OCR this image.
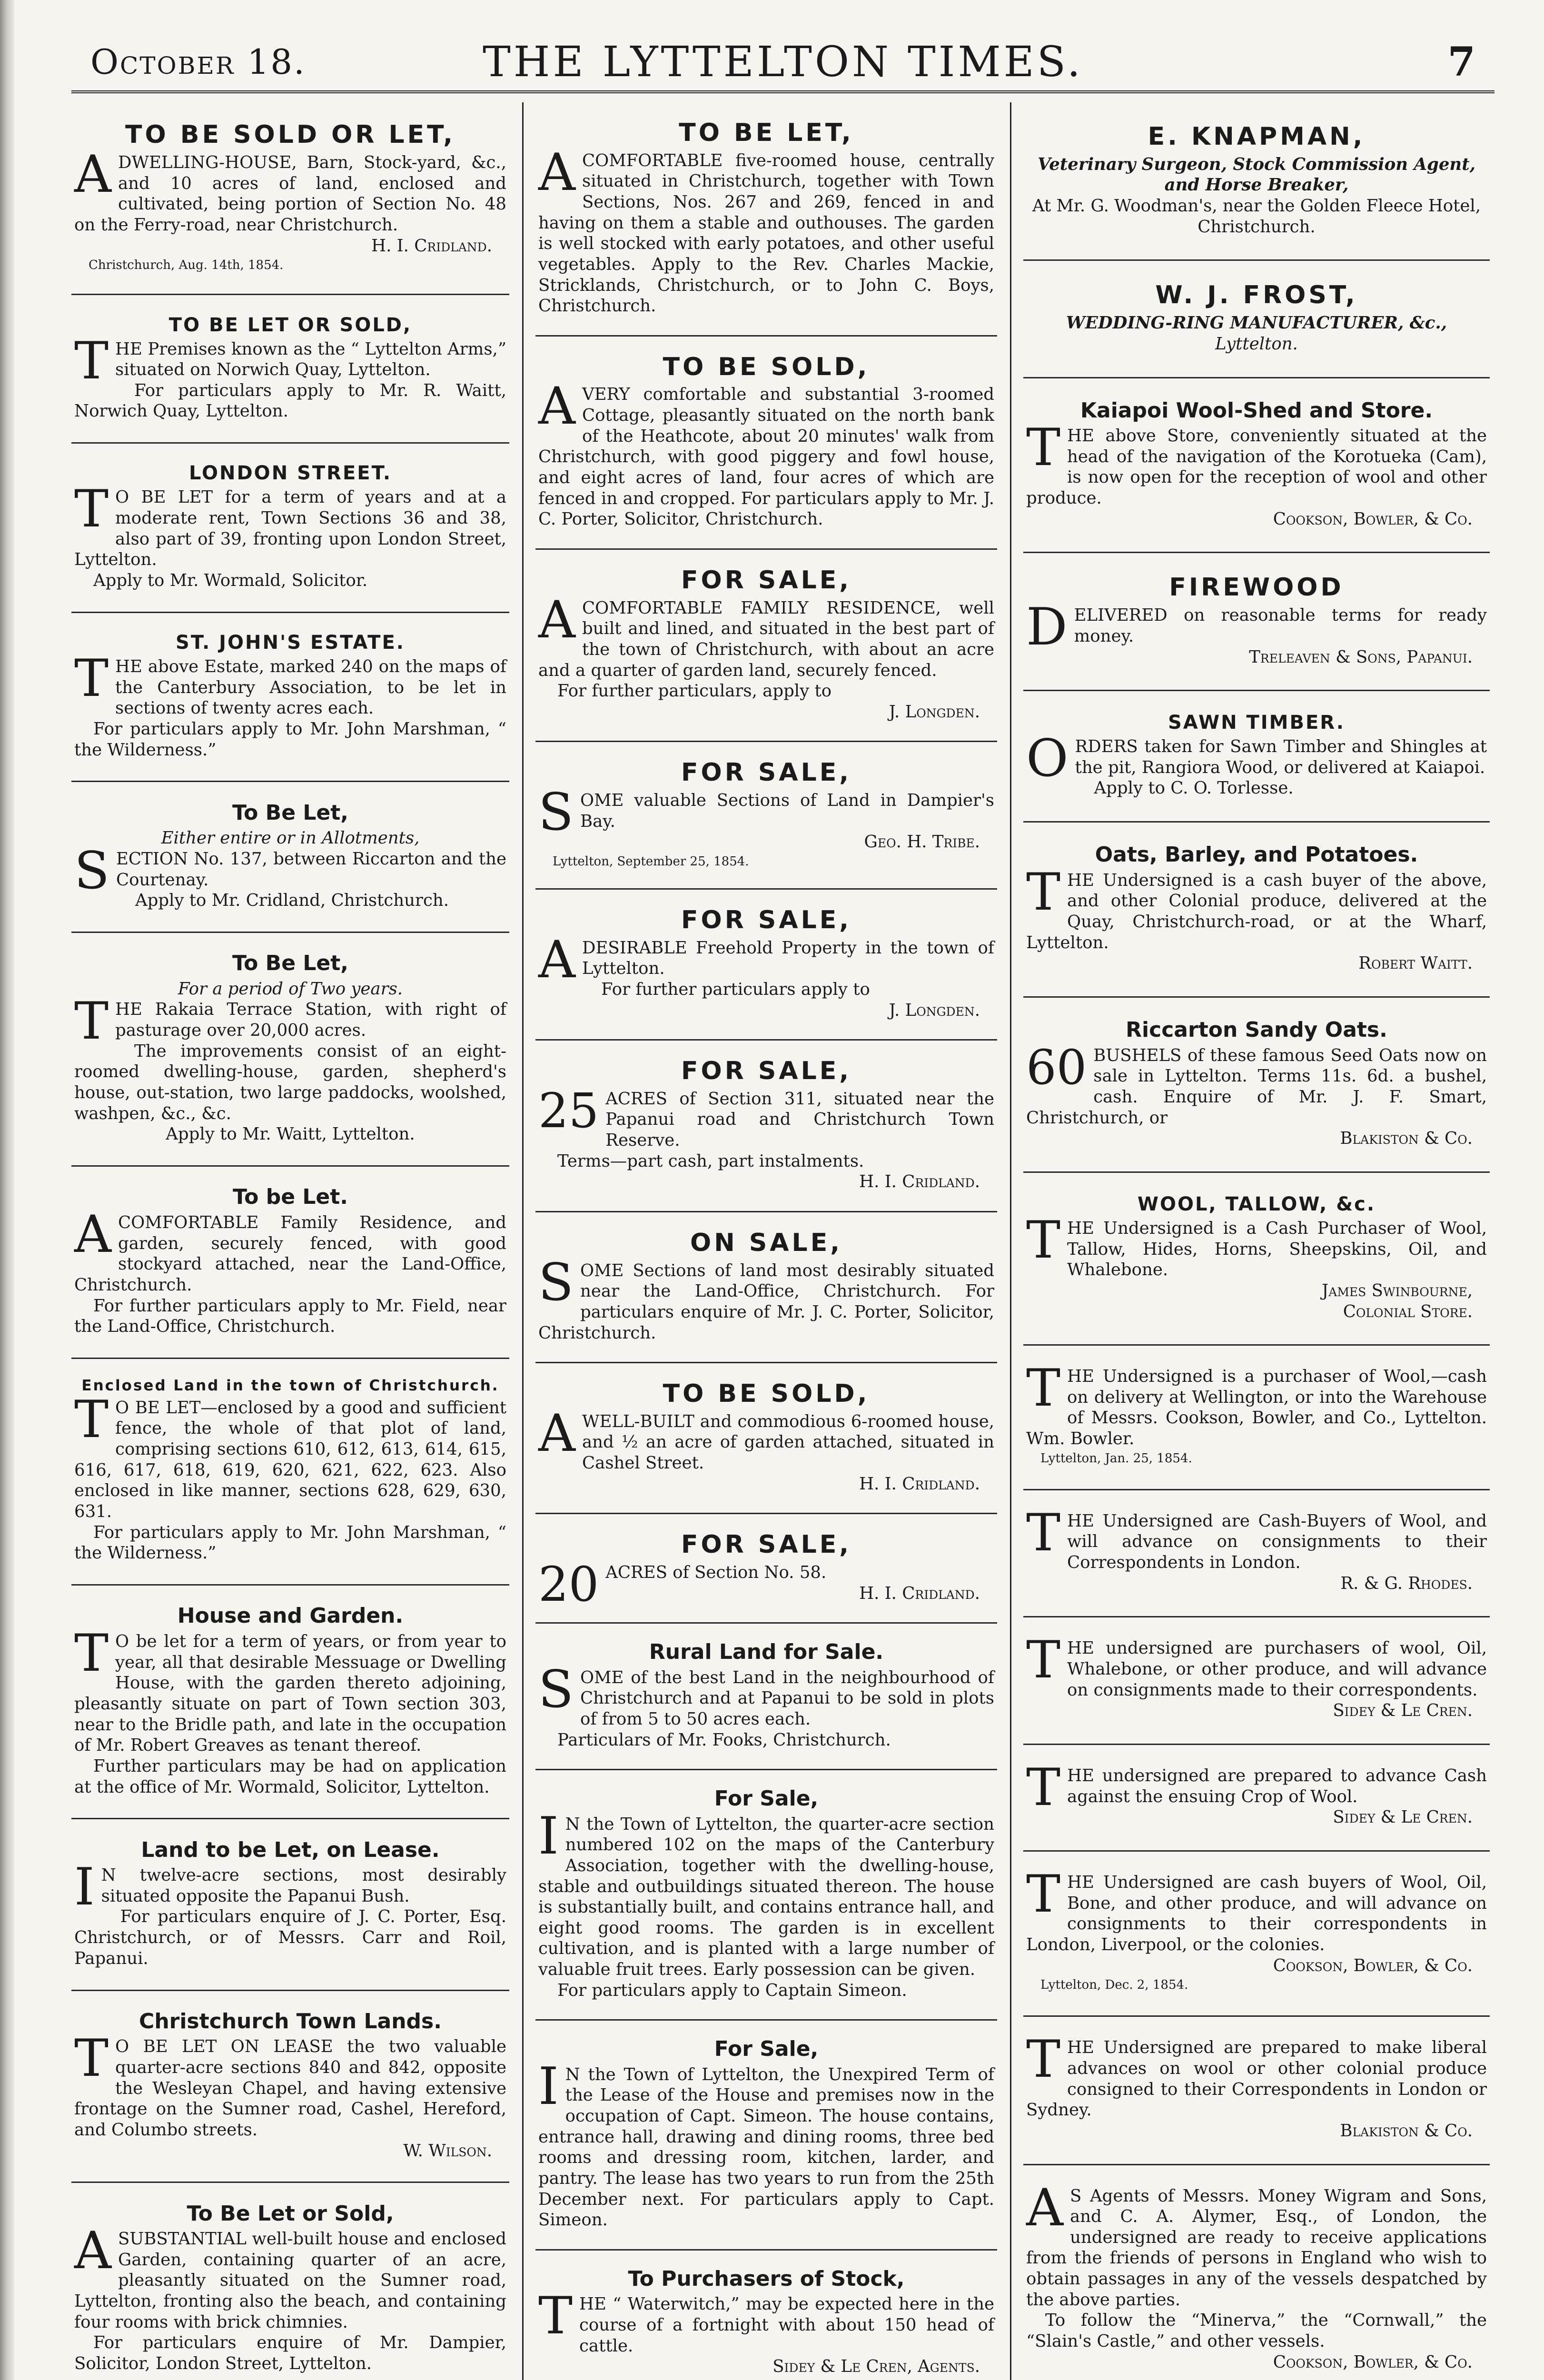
October 18.	THE LYTTELTON TIMES.	7
TO BE SOLD OR LET,

ADWELLING-HOUSE, Barn, Stock-yard, &c., and 10 acres of land, enclosed and cultivated, being portion of Section No. 48 on the Ferry-road, near Christchurch.

H. I. Cridland.

Christchurch, Aug. 14th, 1854.

TO BE LET OR SOLD,

THE Premises known as the “ Lyttelton Arms,” situated on Norwich Quay, Lyttelton.

For particulars apply to Mr. R. Waitt, Norwich Quay, Lyttelton.

LONDON STREET.

T O BE LET for a term of years and at a moderate rent, Town Sections 36 and 38, also part of 39, fronting upon London Street, Lyttelton.

Apply to Mr. Wormald, Solicitor.

ST. JOHN'S ESTATE.

THE above Estate, marked 240 on the maps of the Canterbury Association, to be let in sections of twenty acres each.

For particulars apply to Mr. John Marshman, “ the Wilderness.”

To Be Let,

Either entire or in Allotments,

SECTION No. 137, between Riccarton and the Courtenay.

Apply to Mr. Cridland, Christchurch.

To Be Let,

For a period of Two years.

THE Rakaia Terrace Station, with right of pasturage over 20,000 acres.

The improvements consist of an eight-roomed dwelling-house, garden, shepherd's house, out-station, two large paddocks, woolshed, washpen, &c., &c.

Apply to Mr. Waitt, Lyttelton.

To be Let.

ACOMFORTABLE Family Residence, and garden, securely fenced, with good stockyard attached, near the Land-Office, Christchurch.

For further particulars apply to Mr. Field, near the Land-Office, Christchurch.

Enclosed Land in the town of Christchurch.

T O BE LET—enclosed by a good and sufficient fence, the whole of that plot of land, comprising sections 610, 612, 613, 614, 615, 616, 617, 618, 619, 620, 621, 622, 623. Also enclosed in like manner, sections 628, 629, 630, 631.

For particulars apply to Mr. John Marshman, “ the Wilderness.”

House and Garden.

T O be let for a term of years, or from year to year, all that desirable Messuage or Dwelling House, with the garden thereto adjoining, pleasantly situate on part of Town section 303, near to the Bridle path, and late in the occupation of Mr. Robert Greaves as tenant thereof.

Further particulars may be had on application at the office of Mr. Wormald, Solicitor, Lyttelton.

Land to be Let, on Lease.

I N twelve-acre sections, most desirably situated opposite the Papanui Bush.

For particulars enquire of J. C. Porter, Esq. Christchurch, or of Messrs. Carr and Roil, Papanui.

Christchurch Town Lands.

T O BE LET ON LEASE the two valuable quarter-acre sections 840 and 842, opposite the Wesleyan Chapel, and having extensive frontage on the Sumner road, Cashel, Hereford, and Columbo streets.

W. Wilson.

To Be Let or Sold,

ASUBSTANTIAL well-built house and enclosed Garden, containing quarter of an acre, pleasantly situated on the Sumner road, Lyttelton, fronting also the beach, and containing four rooms with brick chimnies.

For particulars enquire of Mr. Dampier, Solicitor, London Street, Lyttelton.

TO BE LET,

ACOMFORTABLE five-roomed house, centrally situated in Christchurch, together with Town Sections, Nos. 267 and 269, fenced in and having on them a stable and outhouses. The garden is well stocked with early potatoes, and other useful vegetables. Apply to the Rev. Charles Mackie, Stricklands, Christchurch, or to John C. Boys, Christchurch.

TO BE SOLD,

AVERY comfortable and substantial 3-roomed Cottage, pleasantly situated on the north bank of the Heathcote, about 20 minutes' walk from Christchurch, with good piggery and fowl house, and eight acres of land, four acres of which are fenced in and cropped. For particulars apply to Mr. J. C. Porter, Solicitor, Christchurch.

FOR SALE,

ACOMFORTABLE FAMILY RESIDENCE, well built and lined, and situated in the best part of the town of Christchurch, with about an acre and a quarter of garden land, securely fenced.

For further particulars, apply to

J. Longden.

FOR SALE,

SOME valuable Sections of Land in Dampier's Bay.

Geo. H. Tribe.

Lyttelton, September 25, 1854.

FOR SALE,

ADESIRABLE Freehold Property in the town of Lyttelton.

For further particulars apply to

J. Longden.

FOR SALE,

25 ACRES of Section 311, situated near the Papanui road and Christchurch Town Reserve.

Terms—part cash, part instalments.

H. I. Cridland.

ON SALE,

SOME Sections of land most desirably situated near the Land-Office, Christchurch. For particulars enquire of Mr. J. C. Porter, Solicitor, Christchurch.

TO BE SOLD,

AWELL-BUILT and commodious 6-roomed house, and ½ an acre of garden attached, situated in Cashel Street.

H. I. Cridland.

FOR SALE,

20 ACRES of Section No. 58.

H. I. Cridland.

Rural Land for Sale.

SOME of the best Land in the neighbourhood of Christchurch and at Papanui to be sold in plots of from 5 to 50 acres each.

Particulars of Mr. Fooks, Christchurch.

For Sale,

I N the Town of Lyttelton, the quarter-acre section numbered 102 on the maps of the Canterbury Association, together with the dwelling-house, stable and outbuildings situated thereon. The house is substantially built, and contains entrance hall, and eight good rooms. The garden is in excellent cultivation, and is planted with a large number of valuable fruit trees. Early possession can be given.

For particulars apply to Captain Simeon.

For Sale,

I N the Town of Lyttelton, the Unexpired Term of the Lease of the House and premises now in the occupation of Capt. Simeon. The house contains, entrance hall, drawing and dining rooms, three bed rooms and dressing room, kitchen, larder, and pantry. The lease has two years to run from the 25th December next. For particulars apply to Capt. Simeon.

To Purchasers of Stock,

THE “ Waterwitch,” may be expected here in the course of a fortnight with about 150 head of cattle.

Sidey & Le Cren, Agents.

E. KNAPMAN,

Veterinary Surgeon, Stock Commission Agent, and Horse Breaker,

At Mr. G. Woodman's, near the Golden Fleece Hotel, Christchurch.

W. J. FROST,

WEDDING-RING MANUFACTURER, &c.,

Lyttelton.

Kaiapoi Wool-Shed and Store.

THE above Store, conveniently situated at the head of the navigation of the Korotueka (Cam), is now open for the reception of wool and other produce.

Cookson, Bowler, & Co.

FIREWOOD

DELIVERED on reasonable terms for ready money.

Treleaven & Sons, Papanui.

SAWN TIMBER.

ORDERS taken for Sawn Timber and Shingles at the pit, Rangiora Wood, or delivered at Kaiapoi.

Apply to C. O. Torlesse.

Oats, Barley, and Potatoes.

THE Undersigned is a cash buyer of the above, and other Colonial produce, delivered at the Quay, Christchurch-road, or at the Wharf, Lyttelton.

Robert Waitt.

Riccarton Sandy Oats.

60 BUSHELS of these famous Seed Oats now on sale in Lyttelton. Terms 11s. 6d. a bushel, cash. Enquire of Mr. J. F. Smart, Christchurch, or

Blakiston & Co.

WOOL, TALLOW, &c.

THE Undersigned is a Cash Purchaser of Wool, Tallow, Hides, Horns, Sheepskins, Oil, and Whalebone.

James Swinbourne,

Colonial Store.

THE Undersigned is a purchaser of Wool,—cash on delivery at Wellington, or into the Warehouse of Messrs. Cookson, Bowler, and Co., Lyttelton. Wm. Bowler.

Lyttelton, Jan. 25, 1854.

THE Undersigned are Cash-Buyers of Wool, and will advance on consignments to their Correspondents in London.

R. & G. Rhodes.

THE undersigned are purchasers of wool, Oil, Whalebone, or other produce, and will advance on consignments made to their correspondents.

Sidey & Le Cren.

THE undersigned are prepared to advance Cash against the ensuing Crop of Wool.

Sidey & Le Cren.

THE Undersigned are cash buyers of Wool, Oil, Bone, and other produce, and will advance on consignments to their correspondents in London, Liverpool, or the colonies.

Cookson, Bowler, & Co.

Lyttelton, Dec. 2, 1854.

THE Undersigned are prepared to make liberal advances on wool or other colonial produce consigned to their Correspondents in London or Sydney.

Blakiston & Co.

A S Agents of Messrs. Money Wigram and Sons, and C. A. Alymer, Esq., of London, the undersigned are ready to receive applications from the friends of persons in England who wish to obtain passages in any of the vessels despatched by the above parties.

To follow the “Minerva,” the “Cornwall,” the “Slain's Castle,” and other vessels.

Cookson, Bowler, & Co.
